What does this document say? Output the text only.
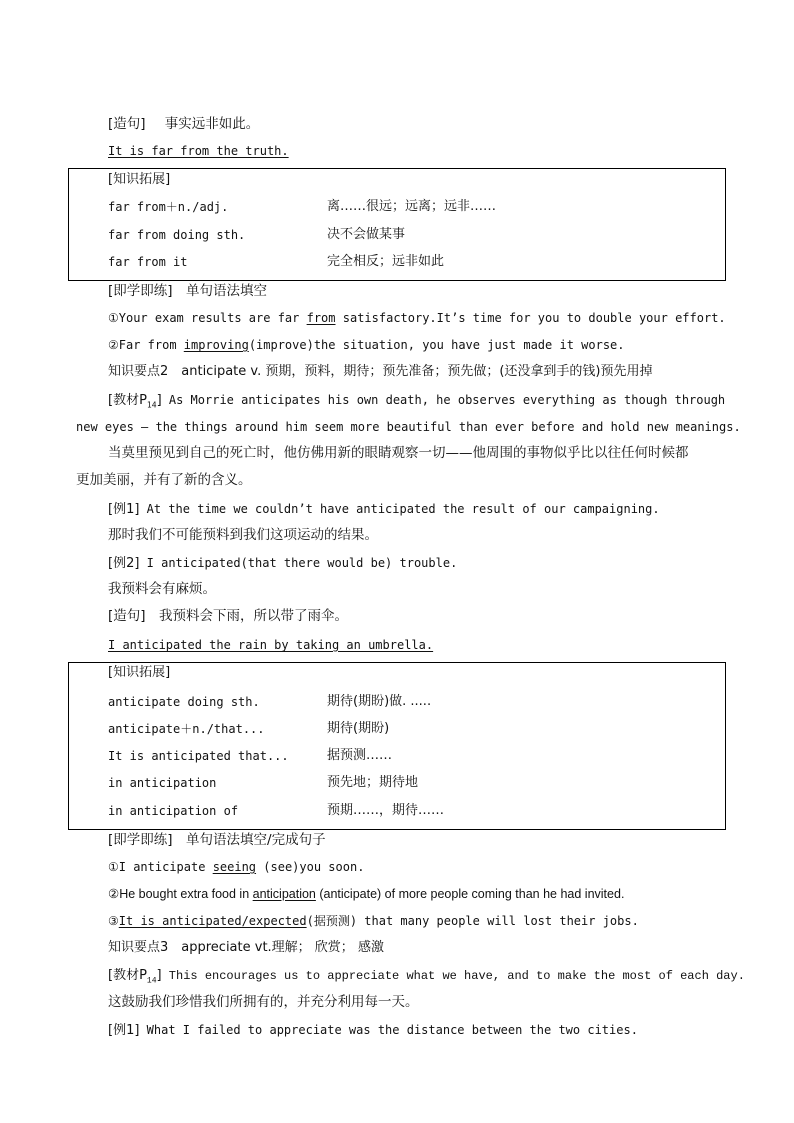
[造句]　 事实远非如此。
It is far from the truth.
[知识拓展]
far from＋n./adj.	离……很远；远离；远非……
far from doing sth.	决不会做某事
far from it	完全相反；远非如此
[即学即练]　单句语法填空
①Your exam results are far from satisfactory.It’s time for you to double your effort.
②Far from improving(improve)the situation, you have just made it worse.
知识要点2　anticipate v. 预期，预料，期待；预先准备；预先做；(还没拿到手的钱)预先用掉
[教材$P_{14}$] As Morrie anticipates his own death, he observes everything as though through
new eyes — the things around him seem more beautiful than ever before and hold new meanings.
当莫里预见到自己的死亡时，他仿佛用新的眼睛观察一切——他周围的事物似乎比以往任何时候都
更加美丽，并有了新的含义。
[例1] At the time we couldn’t have anticipated the result of our campaigning.
那时我们不可能预料到我们这项运动的结果。
[例2] I anticipated(that there would be) trouble.
我预料会有麻烦。
[造句]　 我预料会下雨，所以带了雨伞。
I anticipated the rain by taking an umbrella.
[知识拓展]
anticipate doing sth.	期待(期盼)做. .....
anticipate＋n./that...	期待(期盼)
It is anticipated that...	据预测……
in anticipation	预先地；期待地
in anticipation of	预期……，期待……
[即学即练]　单句语法填空/完成句子
①I anticipate seeing (see)you soon.
②He bought extra food in anticipation (anticipate) of more people coming than he had invited.
③It is anticipated/expected(据预测) that many people will lost their jobs.
知识要点3　appreciate vt.理解； 欣赏； 感激
[教材$P_{14}$] This encourages us to appreciate what we have, and to make the most of each day.
这鼓励我们珍惜我们所拥有的，并充分利用每一天。
[例1] What I failed to appreciate was the distance between the two cities.
